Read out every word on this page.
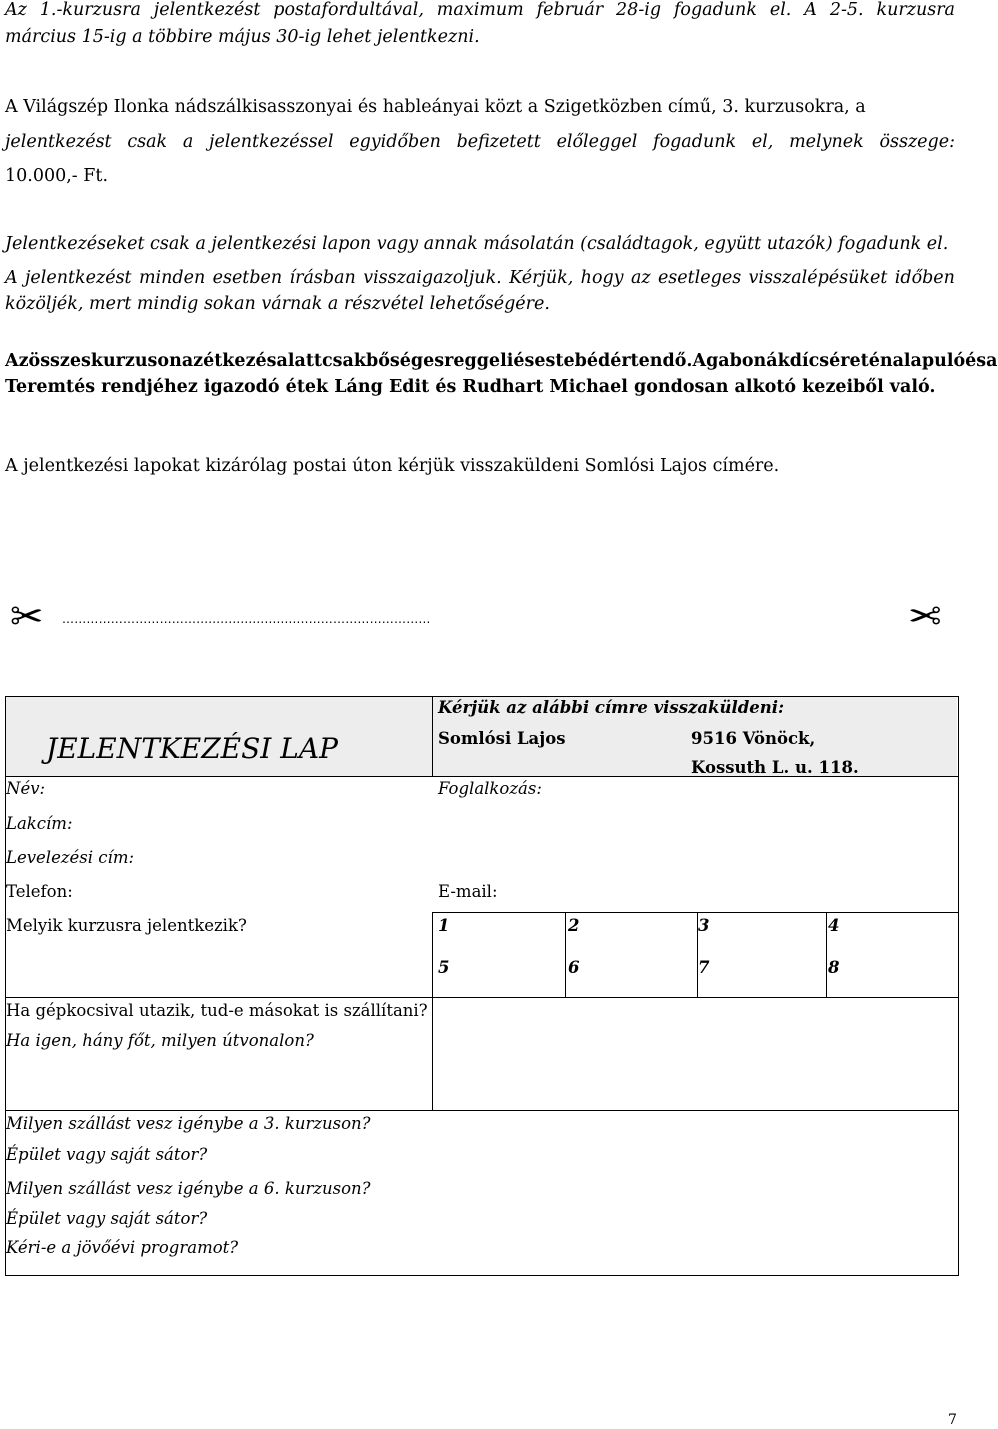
Az 1.-kurzusra jelentkezést postafordultával, maximum február 28-ig fogadunk el. A 2-5. kurzusra
március 15-ig a többire május 30-ig lehet jelentkezni.
A Világszép Ilonka nádszálkisasszonyai és hableányai közt a Szigetközben című, 3. kurzusokra, a
jelentkezést csak a jelentkezéssel egyidőben befizetett előleggel fogadunk el, melynek összege:
10.000,- Ft.
Jelentkezéseket csak a jelentkezési lapon vagy annak másolatán (családtagok, együtt utazók) fogadunk el.
A jelentkezést minden esetben írásban visszaigazoljuk. Kérjük, hogy az esetleges visszalépésüket időben
közöljék, mert mindig sokan várnak a részvétel lehetőségére.
Az összes kurzuson az étkezés alatt csak bőséges reggeli és estebéd értendő. A gabonák dícséretén alapuló és a
Teremtés rendjéhez igazodó étek Láng Edit és Rudhart Michael gondosan alkotó kezeiből való.
A jelentkezési lapokat kizárólag postai úton kérjük visszaküldeni Somlósi Lajos címére.
✂ ……………………………............................…………………………	✂
JELENTKEZÉSI LAP
Kérjük az alábbi címre visszaküldeni:
Somlósi Lajos	9516 Vönöck,
Kossuth L. u. 118.
Név:	Foglalkozás:
Lakcím:
Levelezési cím:
Telefon:	E-mail:
Melyik kurzusra jelentkezik?	1	2	3	4
5	6	7	8
Ha gépkocsival utazik, tud-e másokat is szállítani?
Ha igen, hány főt, milyen útvonalon?
Milyen szállást vesz igénybe a 3. kurzuson?
Épület vagy saját sátor?
Milyen szállást vesz igénybe a 6. kurzuson?
Épület vagy saját sátor?
Kéri-e a jövőévi programot?
7
